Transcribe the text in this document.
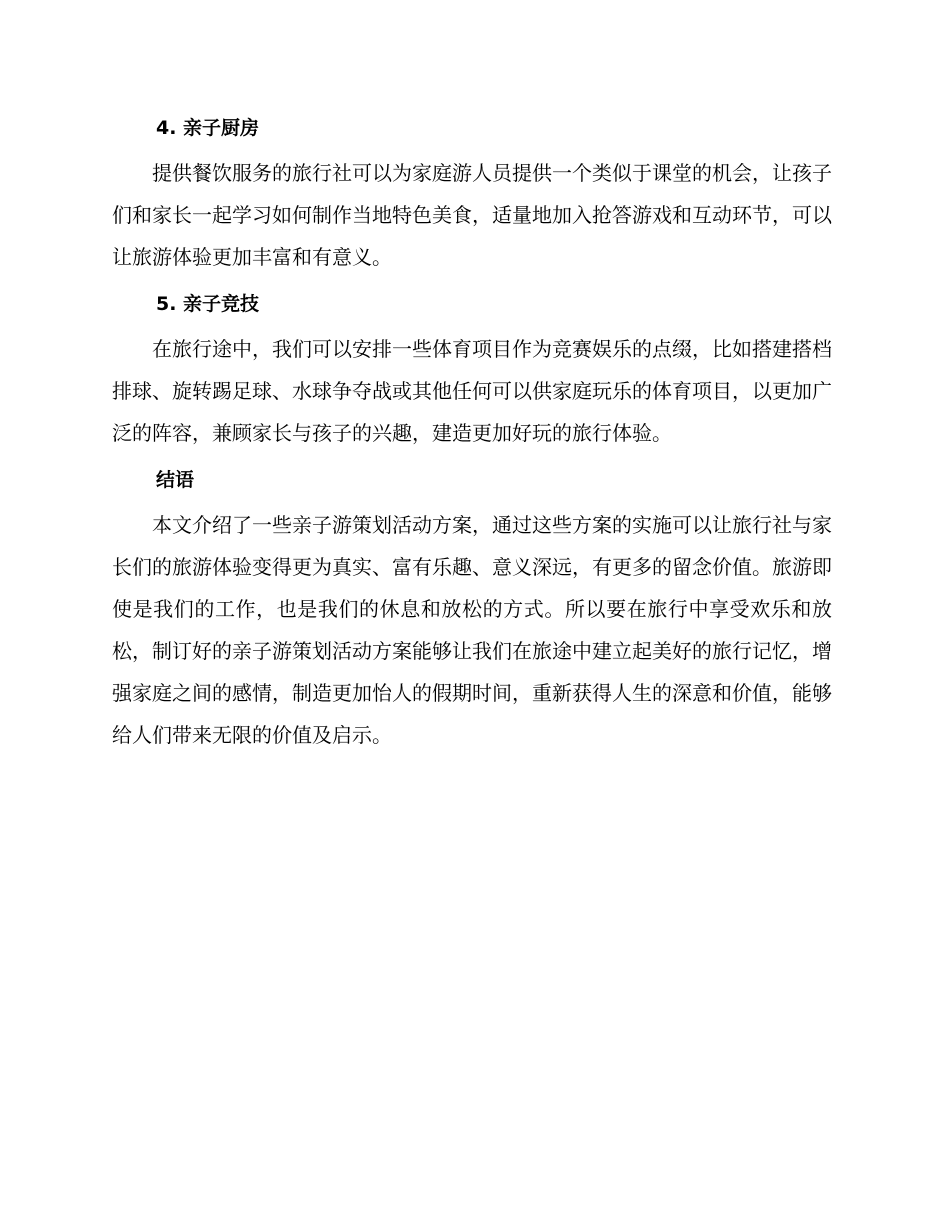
4. 亲子厨房

提供餐饮服务的旅行社可以为家庭游人员提供一个类似于课堂的机会，让孩子们和家长一起学习如何制作当地特色美食，适量地加入抢答游戏和互动环节，可以让旅游体验更加丰富和有意义。

5. 亲子竞技

在旅行途中，我们可以安排一些体育项目作为竞赛娱乐的点缀，比如搭建搭档排球、旋转踢足球、水球争夺战或其他任何可以供家庭玩乐的体育项目，以更加广泛的阵容，兼顾家长与孩子的兴趣，建造更加好玩的旅行体验。

结语

本文介绍了一些亲子游策划活动方案，通过这些方案的实施可以让旅行社与家长们的旅游体验变得更为真实、富有乐趣、意义深远，有更多的留念价值。旅游即使是我们的工作，也是我们的休息和放松的方式。所以要在旅行中享受欢乐和放松，制订好的亲子游策划活动方案能够让我们在旅途中建立起美好的旅行记忆，增强家庭之间的感情，制造更加怡人的假期时间，重新获得人生的深意和价值，能够给人们带来无限的价值及启示。
